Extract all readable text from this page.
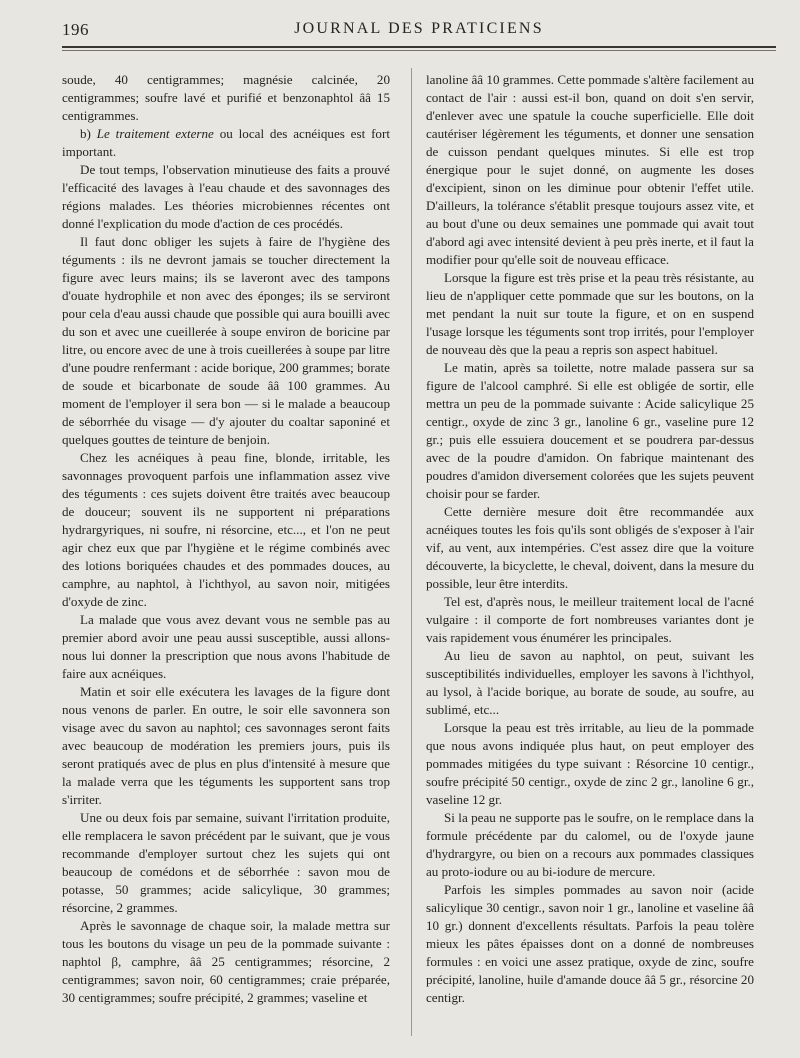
196	JOURNAL DES PRATICIENS

soude, 40 centigrammes; magnésie calcinée, 20 centigrammes; soufre lavé et purifié et benzonaphtol ââ 15 centigrammes.

b) Le traitement externe ou local des acnéiques est fort important.

De tout temps, l'observation minutieuse des faits a prouvé l'efficacité des lavages à l'eau chaude et des savonnages des régions malades. Les théories microbiennes récentes ont donné l'explication du mode d'action de ces procédés.

Il faut donc obliger les sujets à faire de l'hygiène des téguments : ils ne devront jamais se toucher directement la figure avec leurs mains; ils se laveront avec des tampons d'ouate hydrophile et non avec des éponges; ils se serviront pour cela d'eau aussi chaude que possible qui aura bouilli avec du son et avec une cueillerée à soupe environ de boricine par litre, ou encore avec de une à trois cueillerées à soupe par litre d'une poudre renfermant : acide borique, 200 grammes; borate de soude et bicarbonate de soude ââ 100 grammes. Au moment de l'employer il sera bon — si le malade a beaucoup de séborrhée du visage — d'y ajouter du coaltar saponiné et quelques gouttes de teinture de benjoin.

Chez les acnéiques à peau fine, blonde, irritable, les savonnages provoquent parfois une inflammation assez vive des téguments : ces sujets doivent être traités avec beaucoup de douceur; souvent ils ne supportent ni préparations hydrargyriques, ni soufre, ni résorcine, etc..., et l'on ne peut agir chez eux que par l'hygiène et le régime combinés avec des lotions boriquées chaudes et des pommades douces, au camphre, au naphtol, à l'ichthyol, au savon noir, mitigées d'oxyde de zinc.

La malade que vous avez devant vous ne semble pas au premier abord avoir une peau aussi susceptible, aussi allons-nous lui donner la prescription que nous avons l'habitude de faire aux acnéiques.

Matin et soir elle exécutera les lavages de la figure dont nous venons de parler. En outre, le soir elle savonnera son visage avec du savon au naphtol; ces savonnages seront faits avec beaucoup de modération les premiers jours, puis ils seront pratiqués avec de plus en plus d'intensité à mesure que la malade verra que les téguments les supportent sans trop s'irriter.

Une ou deux fois par semaine, suivant l'irritation produite, elle remplacera le savon précédent par le suivant, que je vous recommande d'employer surtout chez les sujets qui ont beaucoup de comédons et de séborrhée : savon mou de potasse, 50 grammes; acide salicylique, 30 grammes; résorcine, 2 grammes.

Après le savonnage de chaque soir, la malade mettra sur tous les boutons du visage un peu de la pommade suivante : naphtol β, camphre, ââ 25 centigrammes; résorcine, 2 centigrammes; savon noir, 60 centigrammes; craie préparée, 30 centigrammes; soufre précipité, 2 grammes; vaseline et

lanoline ââ 10 grammes. Cette pommade s'altère facilement au contact de l'air : aussi est-il bon, quand on doit s'en servir, d'enlever avec une spatule la couche superficielle. Elle doit cautériser légèrement les téguments, et donner une sensation de cuisson pendant quelques minutes. Si elle est trop énergique pour le sujet donné, on augmente les doses d'excipient, sinon on les diminue pour obtenir l'effet utile. D'ailleurs, la tolérance s'établit presque toujours assez vite, et au bout d'une ou deux semaines une pommade qui avait tout d'abord agi avec intensité devient à peu près inerte, et il faut la modifier pour qu'elle soit de nouveau efficace.

Lorsque la figure est très prise et la peau très résistante, au lieu de n'appliquer cette pommade que sur les boutons, on la met pendant la nuit sur toute la figure, et on en suspend l'usage lorsque les téguments sont trop irrités, pour l'employer de nouveau dès que la peau a repris son aspect habituel.

Le matin, après sa toilette, notre malade passera sur sa figure de l'alcool camphré. Si elle est obligée de sortir, elle mettra un peu de la pommade suivante : Acide salicylique 25 centigr., oxyde de zinc 3 gr., lanoline 6 gr., vaseline pure 12 gr.; puis elle essuiera doucement et se poudrera par-dessus avec de la poudre d'amidon. On fabrique maintenant des poudres d'amidon diversement colorées que les sujets peuvent choisir pour se farder.

Cette dernière mesure doit être recommandée aux acnéiques toutes les fois qu'ils sont obligés de s'exposer à l'air vif, au vent, aux intempéries. C'est assez dire que la voiture découverte, la bicyclette, le cheval, doivent, dans la mesure du possible, leur être interdits.

Tel est, d'après nous, le meilleur traitement local de l'acné vulgaire : il comporte de fort nombreuses variantes dont je vais rapidement vous énumérer les principales.

Au lieu de savon au naphtol, on peut, suivant les susceptibilités individuelles, employer les savons à l'ichthyol, au lysol, à l'acide borique, au borate de soude, au soufre, au sublimé, etc...

Lorsque la peau est très irritable, au lieu de la pommade que nous avons indiquée plus haut, on peut employer des pommades mitigées du type suivant : Résorcine 10 centigr., soufre précipité 50 centigr., oxyde de zinc 2 gr., lanoline 6 gr., vaseline 12 gr.

Si la peau ne supporte pas le soufre, on le remplace dans la formule précédente par du calomel, ou de l'oxyde jaune d'hydrargyre, ou bien on a recours aux pommades classiques au proto-iodure ou au bi-iodure de mercure.

Parfois les simples pommades au savon noir (acide salicylique 30 centigr., savon noir 1 gr., lanoline et vaseline ââ 10 gr.) donnent d'excellents résultats. Parfois la peau tolère mieux les pâtes épaisses dont on a donné de nombreuses formules : en voici une assez pratique, oxyde de zinc, soufre précipité, lanoline, huile d'amande douce ââ 5 gr., résorcine 20 centigr.
